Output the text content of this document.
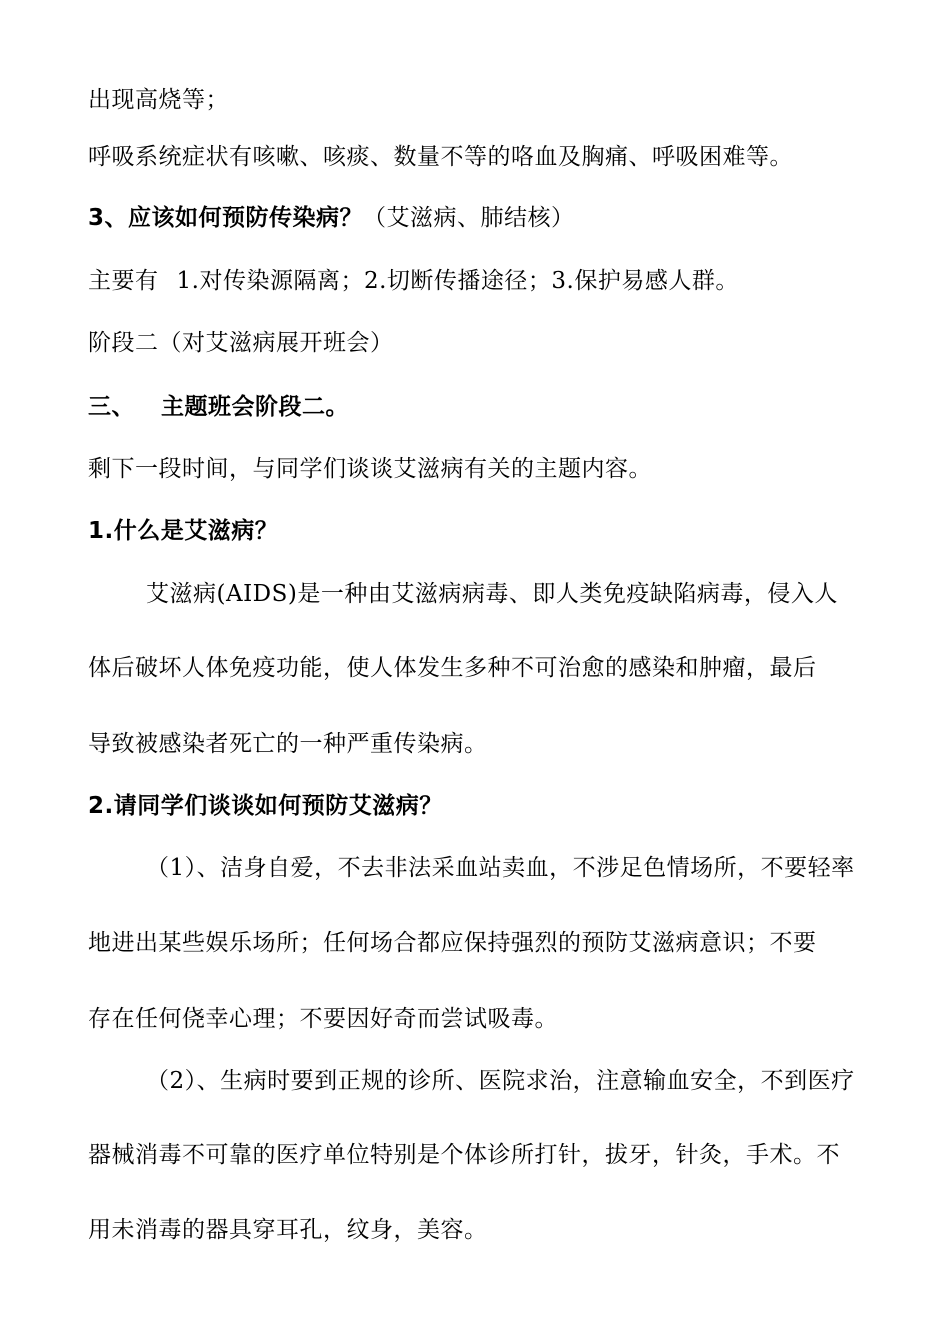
出现高烧等；
呼吸系统症状有咳嗽、咳痰、数量不等的咯血及胸痛、呼吸困难等。
3、应该如何预防传染病？（艾滋病、肺结核）
主要有 1.对传染源隔离；2.切断传播途径；3.保护易感人群。
阶段二（对艾滋病展开班会）
三、 主题班会阶段二。
剩下一段时间，与同学们谈谈艾滋病有关的主题内容。
1.什么是艾滋病？
艾滋病(AIDS)是一种由艾滋病病毒、即人类免疫缺陷病毒，侵入人
体后破坏人体免疫功能，使人体发生多种不可治愈的感染和肿瘤，最后
导致被感染者死亡的一种严重传染病。
2.请同学们谈谈如何预防艾滋病？
（1）、洁身自爱，不去非法采血站卖血，不涉足色情场所，不要轻率
地进出某些娱乐场所；任何场合都应保持强烈的预防艾滋病意识；不要
存在任何侥幸心理；不要因好奇而尝试吸毒。
（2）、生病时要到正规的诊所、医院求治，注意输血安全，不到医疗
器械消毒不可靠的医疗单位特别是个体诊所打针，拔牙，针灸，手术。不
用未消毒的器具穿耳孔，纹身，美容。
